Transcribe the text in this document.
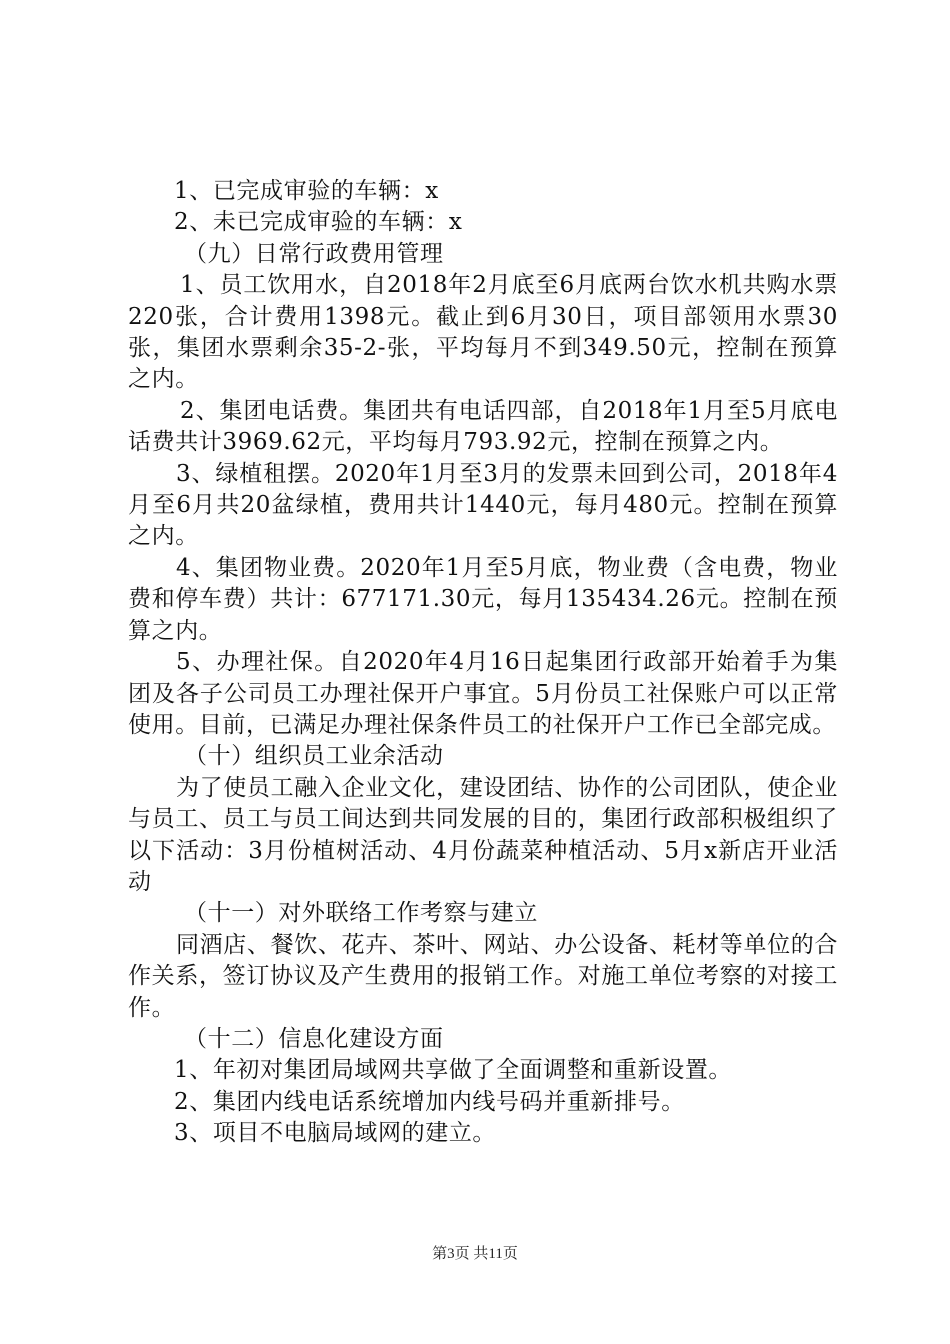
1、已完成审验的车辆：x

2、未已完成审验的车辆：x

（九）日常行政费用管理

1、员工饮用水，自2018年2月底至6月底两台饮水机共购水票220张，合计费用1398元。截止到6月30日，项目部领用水票30张，集团水票剩余35-2-张，平均每月不到349.50元，控制在预算之内。

2、集团电话费。集团共有电话四部，自2018年1月至5月底电话费共计3969.62元，平均每月793.92元，控制在预算之内。

3、绿植租摆。2020年1月至3月的发票未回到公司，2018年4月至6月共20盆绿植，费用共计1440元，每月480元。控制在预算之内。

4、集团物业费。2020年1月至5月底，物业费（含电费，物业费和停车费）共计：677171.30元，每月135434.26元。控制在预算之内。

5、办理社保。自2020年4月16日起集团行政部开始着手为集团及各子公司员工办理社保开户事宜。5月份员工社保账户可以正常使用。目前，已满足办理社保条件员工的社保开户工作已全部完成。

（十）组织员工业余活动

为了使员工融入企业文化，建设团结、协作的公司团队，使企业与员工、员工与员工间达到共同发展的目的，集团行政部积极组织了以下活动：3月份植树活动、4月份蔬菜种植活动、5月x新店开业活动

（十一）对外联络工作考察与建立

同酒店、餐饮、花卉、茶叶、网站、办公设备、耗材等单位的合作关系，签订协议及产生费用的报销工作。对施工单位考察的对接工作。

（十二）信息化建设方面

1、年初对集团局域网共享做了全面调整和重新设置。

2、集团内线电话系统增加内线号码并重新排号。

3、项目不电脑局域网的建立。

第3页 共11页
